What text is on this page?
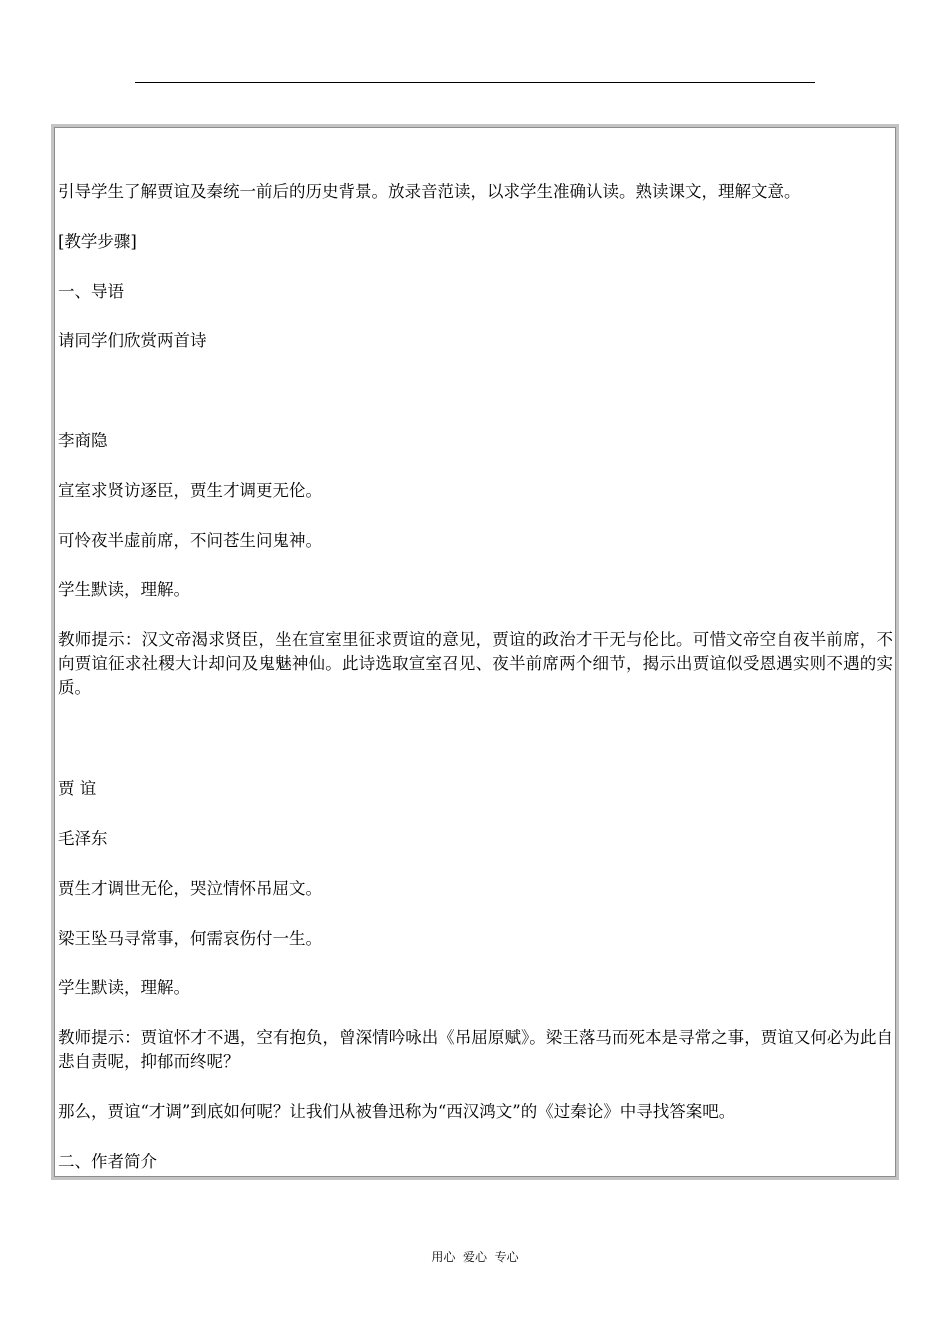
引导学生了解贾谊及秦统一前后的历史背景。放录音范读，以求学生准确认读。熟读课文，理解文意。
[教学步骤]
一、导语
请同学们欣赏两首诗
李商隐
宣室求贤访逐臣，贾生才调更无伦。
可怜夜半虚前席，不问苍生问鬼神。
学生默读，理解。
教师提示：汉文帝渴求贤臣，坐在宣室里征求贾谊的意见，贾谊的政治才干无与伦比。可惜文帝空自夜半前席，不向贾谊征求社稷大计却问及鬼魅神仙。此诗选取宣室召见、夜半前席两个细节，揭示出贾谊似受恩遇实则不遇的实质。
贾 谊
毛泽东
贾生才调世无伦，哭泣情怀吊屈文。
梁王坠马寻常事，何需哀伤付一生。
学生默读，理解。
教师提示：贾谊怀才不遇，空有抱负，曾深情吟咏出《吊屈原赋》。梁王落马而死本是寻常之事，贾谊又何必为此自悲自责呢，抑郁而终呢？
那么，贾谊“才调”到底如何呢？让我们从被鲁迅称为“西汉鸿文”的《过秦论》中寻找答案吧。
二、作者简介
用心  爱心  专心
